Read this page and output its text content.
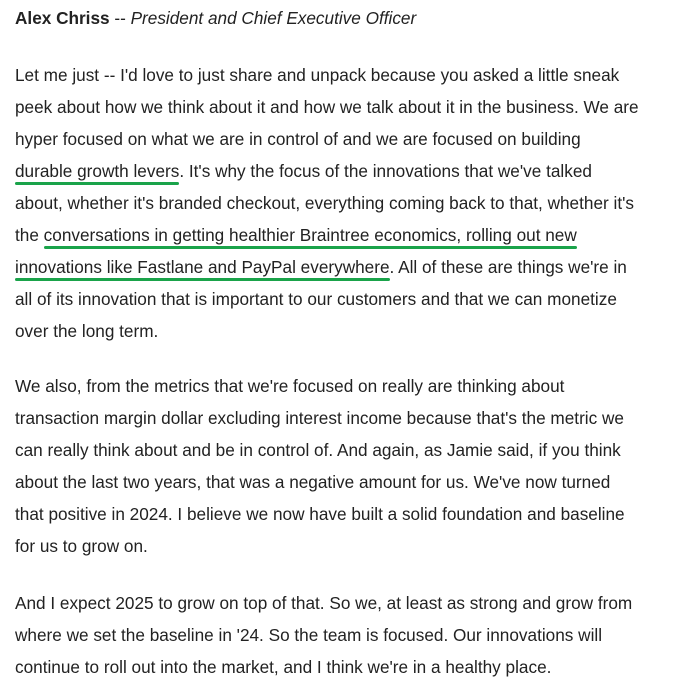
Alex Chriss -- President and Chief Executive Officer
Let me just -- I'd love to just share and unpack because you asked a little sneak
peek about how we think about it and how we talk about it in the business. We are
hyper focused on what we are in control of and we are focused on building
durable growth levers. It's why the focus of the innovations that we've talked
about, whether it's branded checkout, everything coming back to that, whether it's
the conversations in getting healthier Braintree economics, rolling out new
innovations like Fastlane and PayPal everywhere. All of these are things we're in
all of its innovation that is important to our customers and that we can monetize
over the long term.
We also, from the metrics that we're focused on really are thinking about
transaction margin dollar excluding interest income because that's the metric we
can really think about and be in control of. And again, as Jamie said, if you think
about the last two years, that was a negative amount for us. We've now turned
that positive in 2024. I believe we now have built a solid foundation and baseline
for us to grow on.
And I expect 2025 to grow on top of that. So we, at least as strong and grow from
where we set the baseline in '24. So the team is focused. Our innovations will
continue to roll out into the market, and I think we're in a healthy place.
